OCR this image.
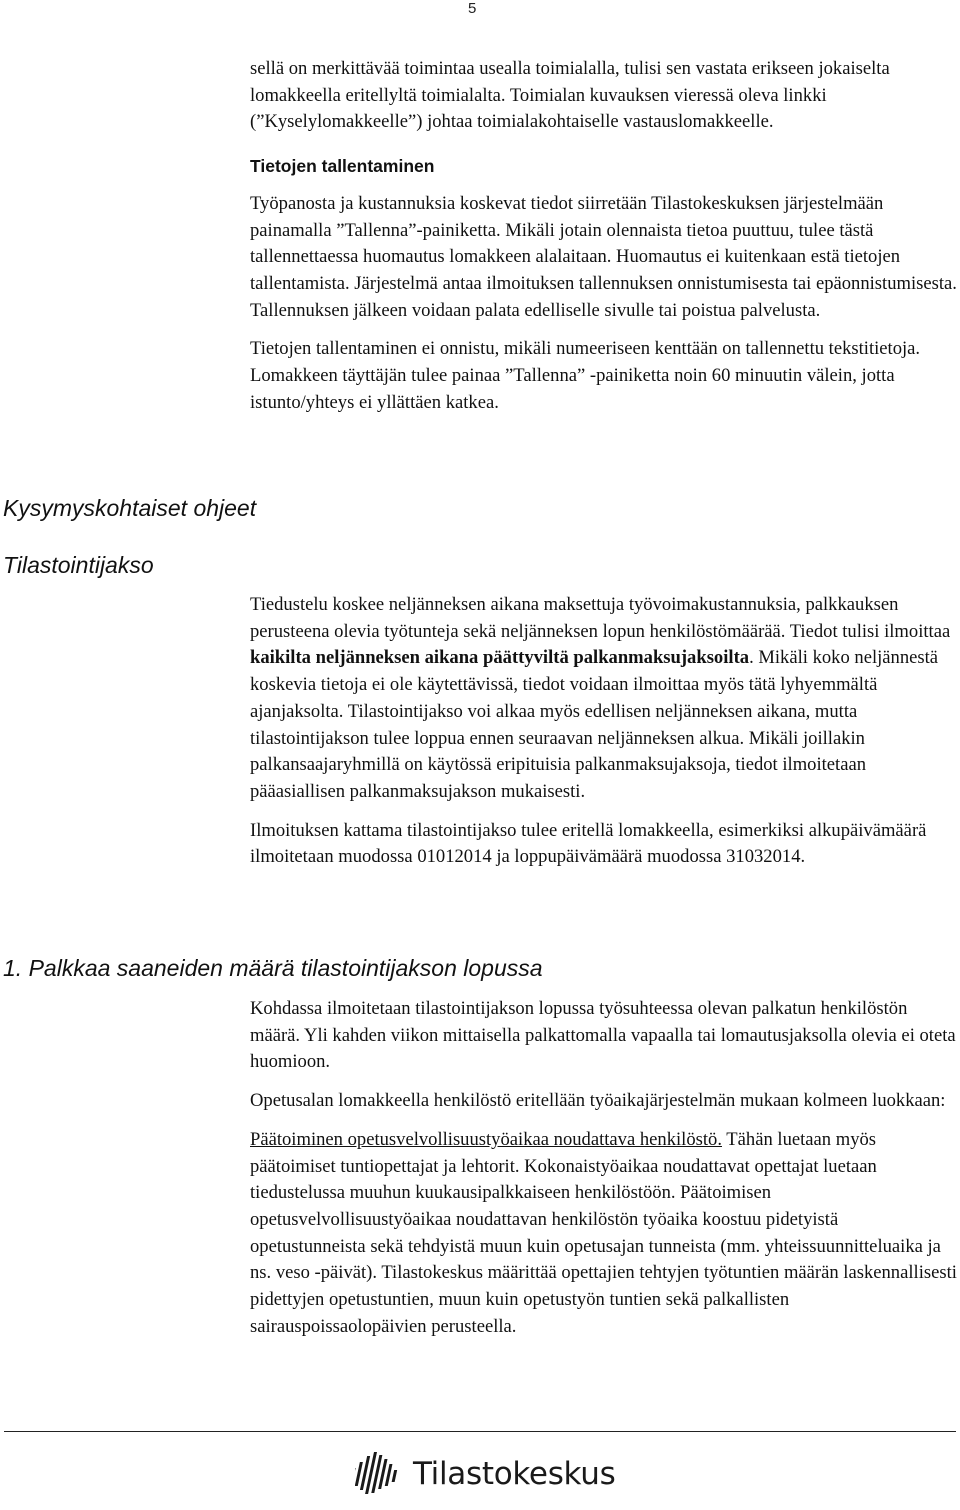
5

sellä on merkittävää toimintaa usealla toimialalla, tulisi sen vastata erikseen jokaiselta lomakkeella eritellyltä toimialalta. Toimialan kuvauksen vieressä oleva linkki (”Kyselylomakkeelle”) johtaa toimialakohtaiselle vastauslomakkeelle.

Tietojen tallentaminen

Työpanosta ja kustannuksia koskevat tiedot siirretään Tilastokeskuksen järjestelmään painamalla ”Tallenna”-painiketta. Mikäli jotain olennaista tietoa puuttuu, tulee tästä tallennettaessa huomautus lomakkeen alalaitaan. Huomautus ei kuitenkaan estä tietojen tallentamista. Järjestelmä antaa ilmoituksen tallennuksen onnistumisesta tai epäonnistumisesta. Tallennuksen jälkeen voidaan palata edelliselle sivulle tai poistua palvelusta.

Tietojen tallentaminen ei onnistu, mikäli numeeriseen kenttään on tallennettu tekstitietoja. Lomakkeen täyttäjän tulee painaa ”Tallenna” -painiketta noin 60 minuutin välein, jotta istunto/yhteys ei yllättäen katkea.

Kysymyskohtaiset ohjeet
Tilastointijakso

Tiedustelu koskee neljänneksen aikana maksettuja työvoimakustannuksia, palkkauksen perusteena olevia työtunteja sekä neljänneksen lopun henkilöstömäärää. Tiedot tulisi ilmoittaa kaikilta neljänneksen aikana päättyviltä palkanmaksujaksoilta. Mikäli koko neljännestä koskevia tietoja ei ole käytettävissä, tiedot voidaan ilmoittaa myös tätä lyhyemmältä ajanjaksolta. Tilastointijakso voi alkaa myös edellisen neljänneksen aikana, mutta tilastointijakson tulee loppua ennen seuraavan neljänneksen alkua. Mikäli joillakin palkansaajaryhmillä on käytössä eripituisia palkanmaksujaksoja, tiedot ilmoitetaan pääasiallisen palkanmaksujakson mukaisesti.

Ilmoituksen kattama tilastointijakso tulee eritellä lomakkeella, esimerkiksi alkupäivämäärä ilmoitetaan muodossa 01012014 ja loppupäivämäärä muodossa 31032014.

1. Palkkaa saaneiden määrä tilastointijakson lopussa

Kohdassa ilmoitetaan tilastointijakson lopussa työsuhteessa olevan palkatun henkilöstön määrä. Yli kahden viikon mittaisella palkattomalla vapaalla tai lomautusjaksolla olevia ei oteta huomioon.

Opetusalan lomakkeella henkilöstö eritellään työaikajärjestelmän mukaan kolmeen luokkaan:

Päätoiminen opetusvelvollisuustyöaikaa noudattava henkilöstö. Tähän luetaan myös päätoimiset tuntiopettajat ja lehtorit. Kokonaistyöaikaa noudattavat opettajat luetaan tiedustelussa muuhun kuukausipalkkaiseen henkilöstöön. Päätoimisen opetusvelvollisuustyöaikaa noudattavan henkilöstön työaika koostuu pidetyistä opetustunneista sekä tehdyistä muun kuin opetusajan tunneista (mm. yhteissuunnitteluaika ja ns. veso -päivät). Tilastokeskus määrittää opettajien tehtyjen työtuntien määrän laskennallisesti pidettyjen opetustuntien, muun kuin opetustyön tuntien sekä palkallisten sairauspoissaolopäivien perusteella.

Tilastokeskus
